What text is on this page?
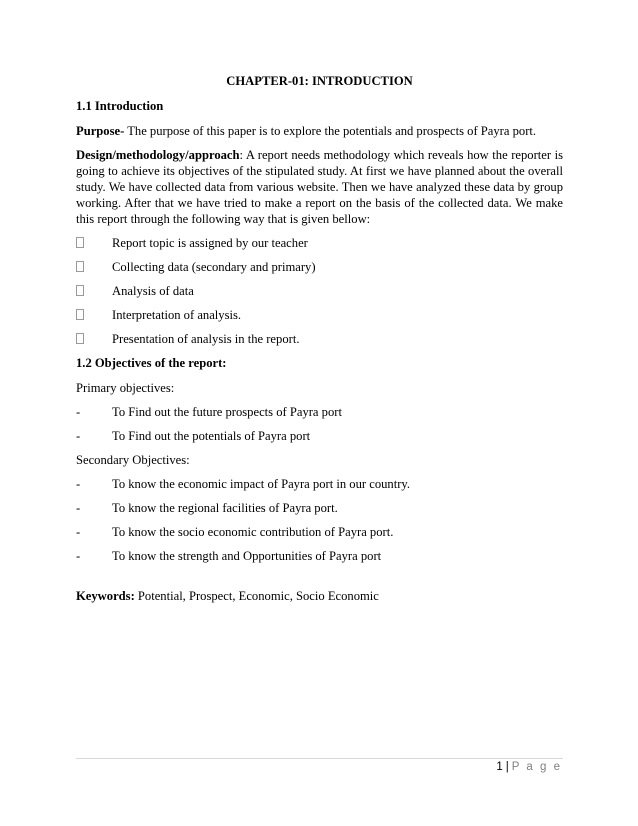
CHAPTER-01: INTRODUCTION
1.1 Introduction

Purpose- The purpose of this paper is to explore the potentials and prospects of Payra port.

Design/methodology/approach: A report needs methodology which reveals how the reporter is going to achieve its objectives of the stipulated study. At first we have planned about the overall study. We have collected data from various website. Then we have analyzed these data by group working. After that we have tried to make a report on the basis of the collected data. We make this report through the following way that is given bellow:

Report topic is assigned by our teacher
Collecting data (secondary and primary)
Analysis of data
Interpretation of analysis.
Presentation of analysis in the report.
1.2 Objectives of the report:

Primary objectives:

-	To Find out the future prospects of Payra port
-	To Find out the potentials of Payra port

Secondary Objectives:

-	To know the economic impact of Payra port in our country.
-	To know the regional facilities of Payra port.
-	To know the socio economic contribution of Payra port.
-	To know the strength and Opportunities of Payra port

Keywords: Potential, Prospect, Economic, Socio Economic

1 | P a g e
